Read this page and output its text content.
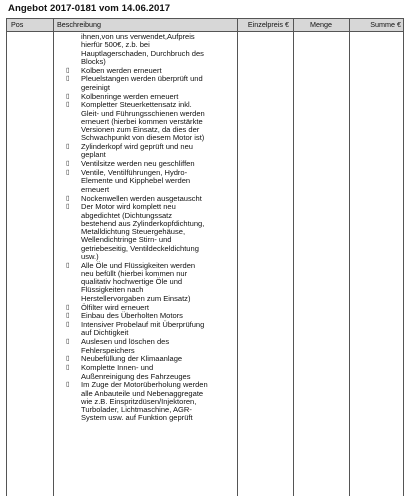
Angebot 2017-0181 vom 14.06.2017
Pos	Beschreibung	Einzelpreis €	Menge	Summe €
ihnen,von uns verwendet,Aufpreis
hierfür 500€, z.b. bei
Hauptlagerschaden, Durchbruch des
Blocks)
▯	Kolben werden erneuert
▯	Pleuelstangen werden überprüft und
gereinigt
▯	Kolbenringe werden erneuert
▯	Kompletter Steuerkettensatz inkl.
Gleit- und Führungsschienen werden
erneuert (hierbei kommen verstärkte
Versionen zum Einsatz, da dies der
Schwachpunkt von diesem Motor ist)
▯	Zylinderkopf wird geprüft und neu
geplant
▯	Ventilsitze werden neu geschliffen
▯	Ventile, Ventilführungen, Hydro-
Elemente und Kipphebel werden
erneuert
▯	Nockenwellen werden ausgetauscht
▯	Der Motor wird komplett neu
abgedichtet (Dichtungssatz
bestehend aus Zylinderkopfdichtung,
Metalldichtung Steuergehäuse,
Wellendichtringe Stirn- und
getriebeseitig, Ventildeckeldichtung
usw.)
▯	Alle Öle und Flüssigkeiten werden
neu befüllt (hierbei kommen nur
qualitativ hochwertige Öle und
Flüssigkeiten nach
Herstellervorgaben zum Einsatz)
▯	Ölfilter wird erneuert
▯	Einbau des Überholten Motors
▯	Intensiver Probelauf mit Überprüfung
auf Dichtigkeit
▯	Auslesen und löschen des
Fehlerspeichers
▯	Neubefüllung der Klimaanlage
▯	Komplette Innen- und
Außenreinigung des Fahrzeuges
▯	Im Zuge der Motorüberholung werden
alle Anbauteile und Nebenaggregate
wie z.B. Einspritzdüsen/Injektoren,
Turbolader, Lichtmaschine, AGR-
System usw. auf Funktion geprüft
